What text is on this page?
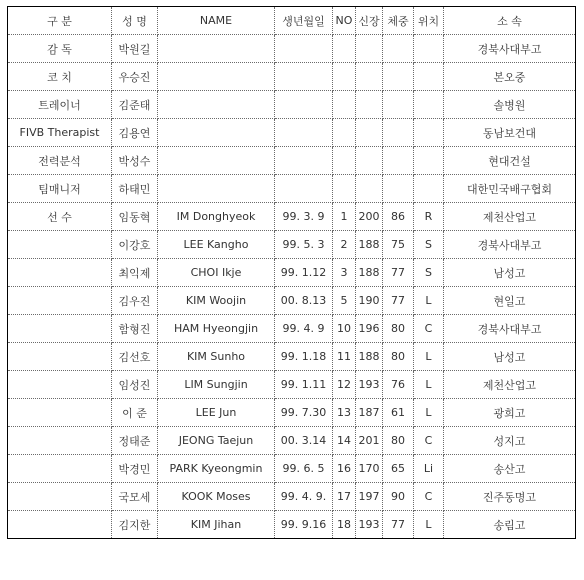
구 분	성 명	NAME	생년월일	NO	신장	체중	위치	소 속
감 독	박원길							경북사대부고
코 치	우승진							본오중
트레이너	김준태							솔병원
FIVB Therapist	김용연							동남보건대
전력분석	박성수							현대건설
팀매니저	하태민							대한민국배구협회
선 수	임동혁	IM Donghyeok	99. 3. 9	1	200	86	R	제천산업고
	이강호	LEE Kangho	99. 5. 3	2	188	75	S	경북사대부고
	최익제	CHOI Ikje	99. 1.12	3	188	77	S	남성고
	김우진	KIM Woojin	00. 8.13	5	190	77	L	현일고
	함형진	HAM Hyeongjin	99. 4. 9	10	196	80	C	경북사대부고
	김선호	KIM Sunho	99. 1.18	11	188	80	L	남성고
	임성진	LIM Sungjin	99. 1.11	12	193	76	L	제천산업고
	이 준	LEE Jun	99. 7.30	13	187	61	L	광희고
	정태준	JEONG Taejun	00. 3.14	14	201	80	C	성지고
	박경민	PARK Kyeongmin	99. 6. 5	16	170	65	Li	송산고
	국모세	KOOK Moses	99. 4. 9.	17	197	90	C	진주동명고
	김지한	KIM Jihan	99. 9.16	18	193	77	L	송림고
